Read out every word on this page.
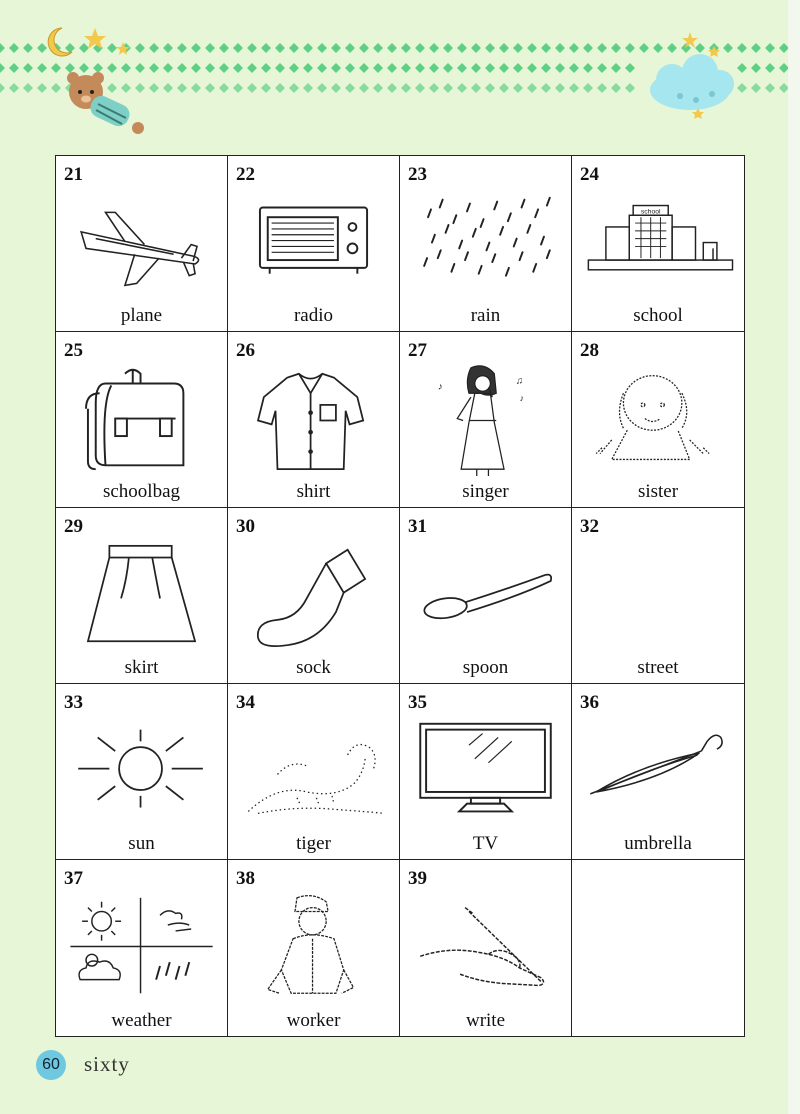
21
plane
22
radio
23
rain
24
school
school
25
schoolbag
26
shirt
27
♪
♫
♪
singer
28
sister
29
skirt
30
sock
31
spoon
32
street
33
sun
34
tiger
35
TV
36
umbrella
37
weather
38
worker
39
write
60 sixty
